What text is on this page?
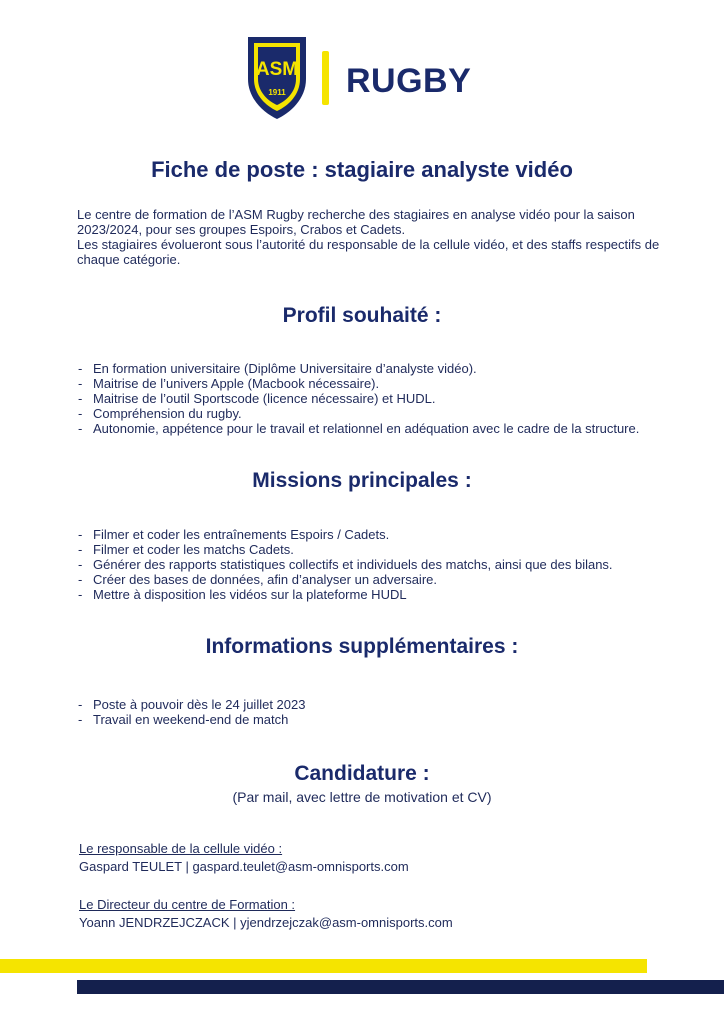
ASM
1911 RUGBY
Fiche de poste : stagiaire analyste vidéo

Le centre de formation de l’ASM Rugby recherche des stagiaires en analyse vidéo pour la saison 2023/2024, pour ses groupes Espoirs, Crabos et Cadets.

Les stagiaires évolueront sous l’autorité du responsable de la cellule vidéo, et des staffs respectifs de chaque catégorie.

Profil souhaité :
- En formation universitaire (Diplôme Universitaire d’analyste vidéo).
- Maitrise de l’univers Apple (Macbook nécessaire).
- Maitrise de l’outil Sportscode (licence nécessaire) et HUDL.
- Compréhension du rugby.
- Autonomie, appétence pour le travail et relationnel en adéquation avec le cadre de la structure.
Missions principales :
- Filmer et coder les entraînements Espoirs / Cadets.
- Filmer et coder les matchs Cadets.
- Générer des rapports statistiques collectifs et individuels des matchs, ainsi que des bilans.
- Créer des bases de données, afin d’analyser un adversaire.
- Mettre à disposition les vidéos sur la plateforme HUDL
Informations supplémentaires :
- Poste à pouvoir dès le 24 juillet 2023
- Travail en weekend-end de match
Candidature :
(Par mail, avec lettre de motivation et CV)
Le responsable de la cellule vidéo :
Gaspard TEULET | gaspard.teulet@asm-omnisports.com
Le Directeur du centre de Formation :
Yoann JENDRZEJCZACK | yjendrzejczak@asm-omnisports.com
